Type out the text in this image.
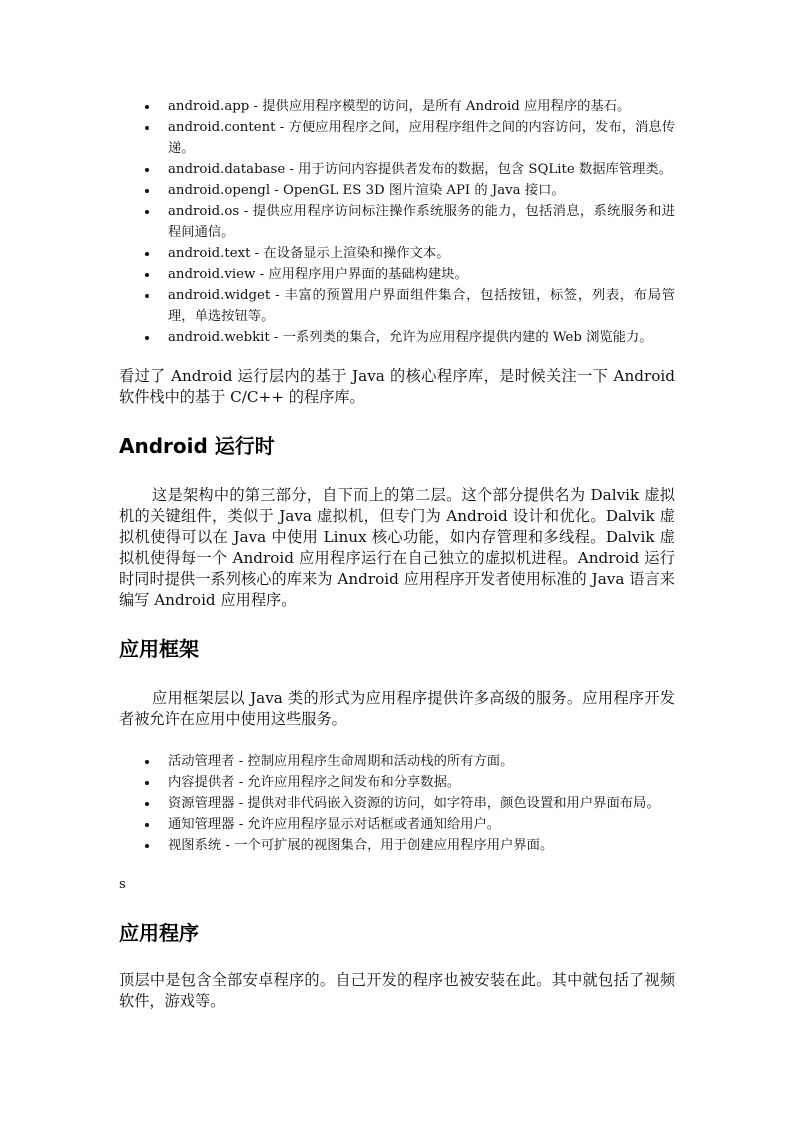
android.app - 提供应用程序模型的访问，是所有 Android 应用程序的基石。
android.content - 方便应用程序之间，应用程序组件之间的内容访问，发布，消息传递。
android.database - 用于访问内容提供者发布的数据，包含 SQLite 数据库管理类。
android.opengl - OpenGL ES 3D 图片渲染 API 的 Java 接口。
android.os - 提供应用程序访问标注操作系统服务的能力，包括消息，系统服务和进程间通信。
android.text - 在设备显示上渲染和操作文本。
android.view - 应用程序用户界面的基础构建块。
android.widget - 丰富的预置用户界面组件集合，包括按钮，标签，列表，布局管理，单选按钮等。
android.webkit - 一系列类的集合，允许为应用程序提供内建的 Web 浏览能力。

看过了 Android 运行层内的基于 Java 的核心程序库，是时候关注一下 Android 软件栈中的基于 C/C++ 的程序库。

Android 运行时

这是架构中的第三部分，自下而上的第二层。这个部分提供名为 Dalvik 虚拟机的关键组件，类似于 Java 虚拟机，但专门为 Android 设计和优化。Dalvik 虚拟机使得可以在 Java 中使用 Linux 核心功能，如内存管理和多线程。Dalvik 虚拟机使得每一个 Android 应用程序运行在自己独立的虚拟机进程。Android 运行时同时提供一系列核心的库来为 Android 应用程序开发者使用标准的 Java 语言来编写 Android 应用程序。

应用框架

应用框架层以 Java 类的形式为应用程序提供许多高级的服务。应用程序开发者被允许在应用中使用这些服务。

活动管理者 - 控制应用程序生命周期和活动栈的所有方面。
内容提供者 - 允许应用程序之间发布和分享数据。
资源管理器 - 提供对非代码嵌入资源的访问，如字符串，颜色设置和用户界面布局。
通知管理器 - 允许应用程序显示对话框或者通知给用户。
视图系统 - 一个可扩展的视图集合，用于创建应用程序用户界面。

s

应用程序

顶层中是包含全部安卓程序的。自己开发的程序也被安装在此。其中就包括了视频软件，游戏等。
